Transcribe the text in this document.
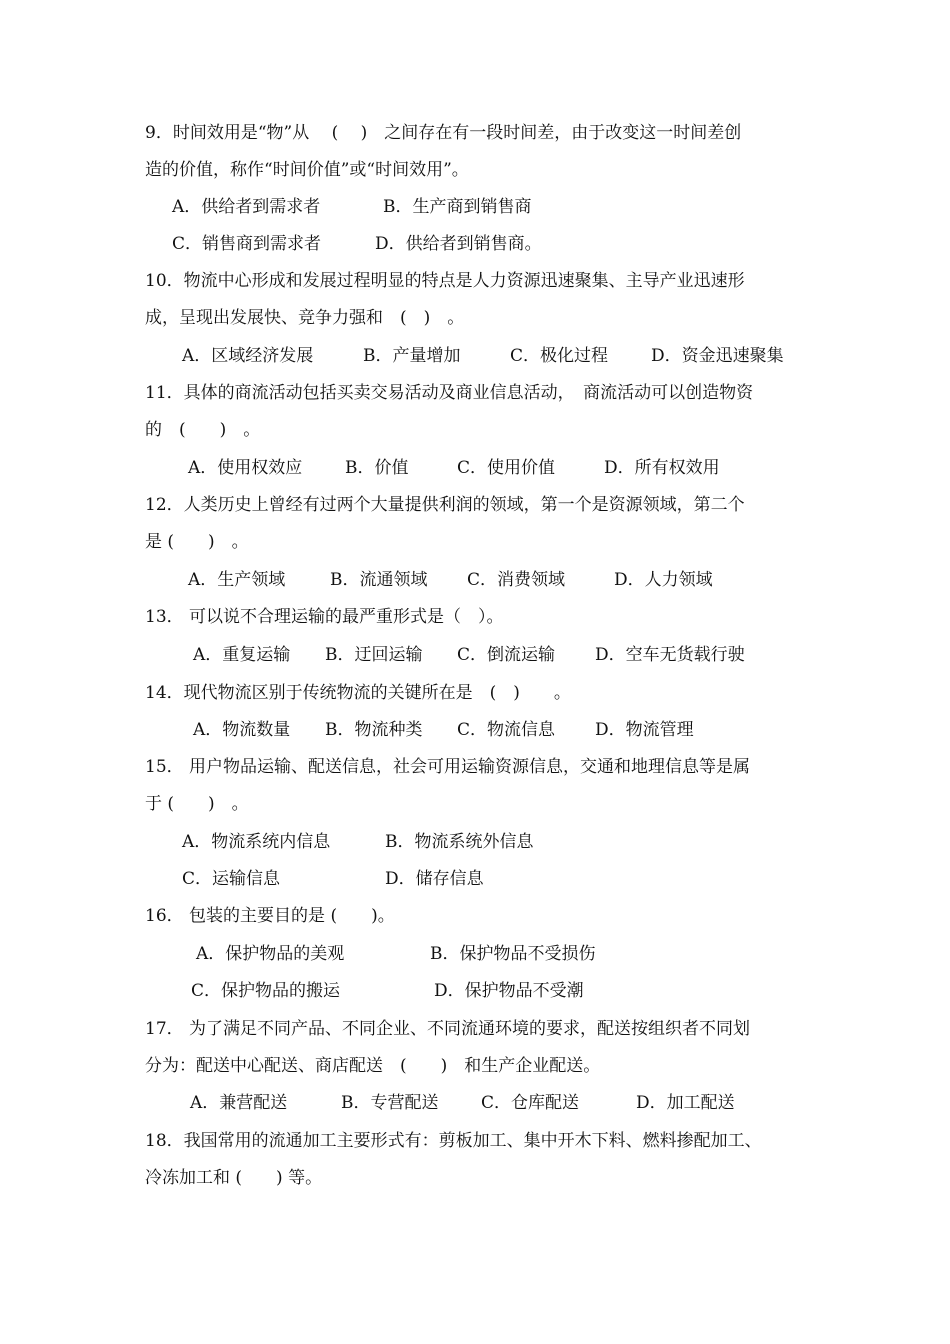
9．时间效用是“物”从　 (　 )　之间存在有一段时间差，由于改变这一时间差创
造的价值，称作“时间价值”或“时间效用”。
A．供给者到需求者	B．生产商到销售商
C．销售商到需求者	D．供给者到销售商。
10．物流中心形成和发展过程明显的特点是人力资源迅速聚集、主导产业迅速形
成，呈现出发展快、竞争力强和　(　)　。
A．区域经济发展	B．产量增加	C．极化过程	D．资金迅速聚集
11．具体的商流活动包括买卖交易活动及商业信息活动，　商流活动可以创造物资
的　(　　)　。
A．使用权效应	B．价值	C．使用价值	D．所有权效用
12．人类历史上曾经有过两个大量提供利润的领域，第一个是资源领域，第二个
是 (　　)　。
A．生产领域	B．流通领域 C．消费领域	D．人力领域
13． 可以说不合理运输的最严重形式是（　）。
A．重复运输 B．迂回运输 C．倒流运输 D．空车无货载行驶
14．现代物流区别于传统物流的关键所在是　(　)　　。
A．物流数量 B．物流种类 C．物流信息 D．物流管理
15． 用户物品运输、配送信息，社会可用运输资源信息，交通和地理信息等是属
于 (　　)　。
A．物流系统内信息	B．物流系统外信息
C．运输信息	D．储存信息
16． 包装的主要目的是 (　　)。
A．保护物品的美观	B．保护物品不受损伤
C．保护物品的搬运	D．保护物品不受潮
17． 为了满足不同产品、不同企业、不同流通环境的要求，配送按组织者不同划
分为：配送中心配送、商店配送　(　　)　和生产企业配送。
A．兼营配送	B．专营配送	C．仓库配送	D．加工配送
18．我国常用的流通加工主要形式有：剪板加工、集中开木下料、燃料掺配加工、
冷冻加工和 (　　) 等。
